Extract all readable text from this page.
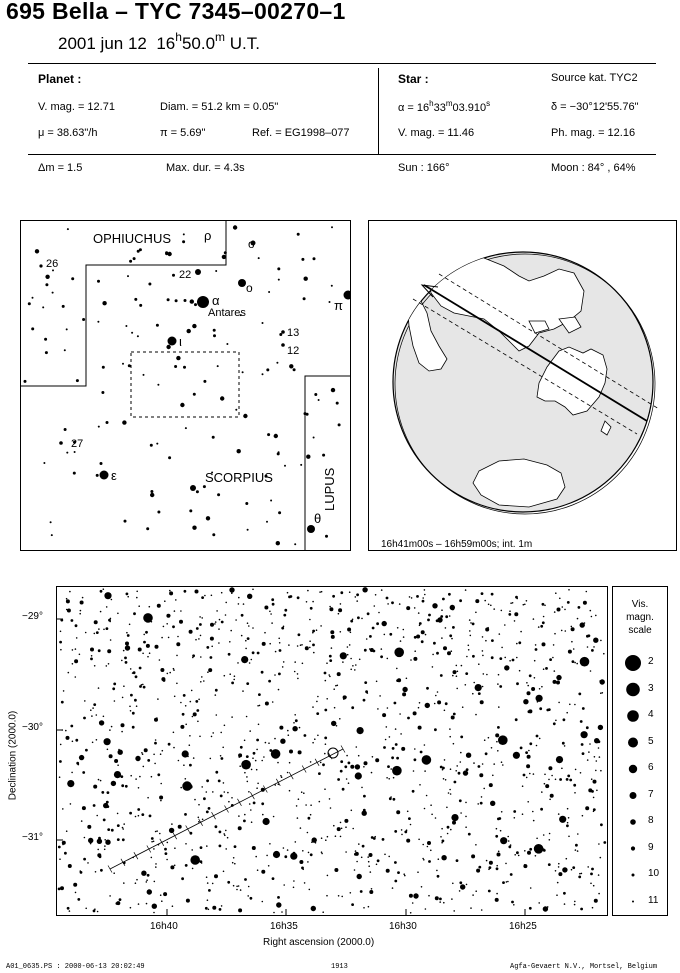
695 Bella – TYC 7345–00270–1
2001 jun 12 16$^h$50.0$^m$ U.T.
Planet :
V. mag. = 12.71	Diam. = 51.2 km = 0.05"
μ = 38.63"/h	π = 5.69"	Ref. = EG1998–077
Star :	Source kat. TYC2
$\alpha = 16^h33^m03.910^s$	δ = −30°12'55.76"
V. mag. = 11.46	Ph. mag. = 12.16
Δm = 1.5	Max. dur. = 4.3s	Sun : 166°	Moon : 84° , 64%
OPHIUCHUS
SCORPIUS	LUPUS
ρ
o
26
22
o
α
Antares	π
13
12
ι
27
ε
θ
16h41m00s – 16h59m00s; int. 1m
−29°
−30°
−31°
16h40	16h35	16h30	16h25
Right ascension (2000.0)
Declination (2000.0)
Vis.
magn.
scale
2
3
4
5
6
7
8
9
10
11
A01_0635.PS : 2000-06-13 20:02:49	1913	Agfa-Gevaert N.V., Mortsel, Belgium
